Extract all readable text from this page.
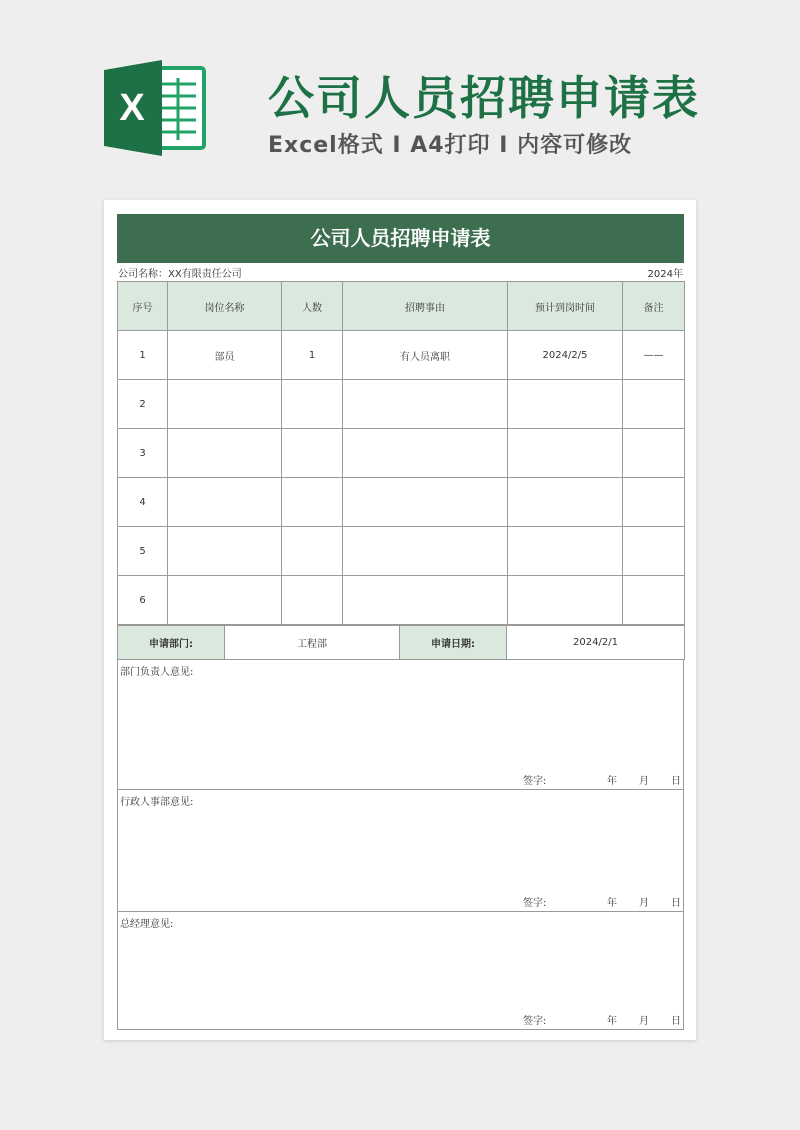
X	公司人员招聘申请表
Excel格式 I A4打印 I 内容可修改
公司人员招聘申请表
公司名称：XX有限责任公司	2024年
序号	岗位名称	人数	招聘事由	预计到岗时间	备注
1	部员	1	有人员离职	2024/2/5	——
2					
3					
4					
5					
6					
申请部门:	工程部	申请日期:	2024/2/1
部门负责人意见:
签字:	年	月	日
行政人事部意见:
签字:	年	月	日
总经理意见:
签字:	年	月	日
